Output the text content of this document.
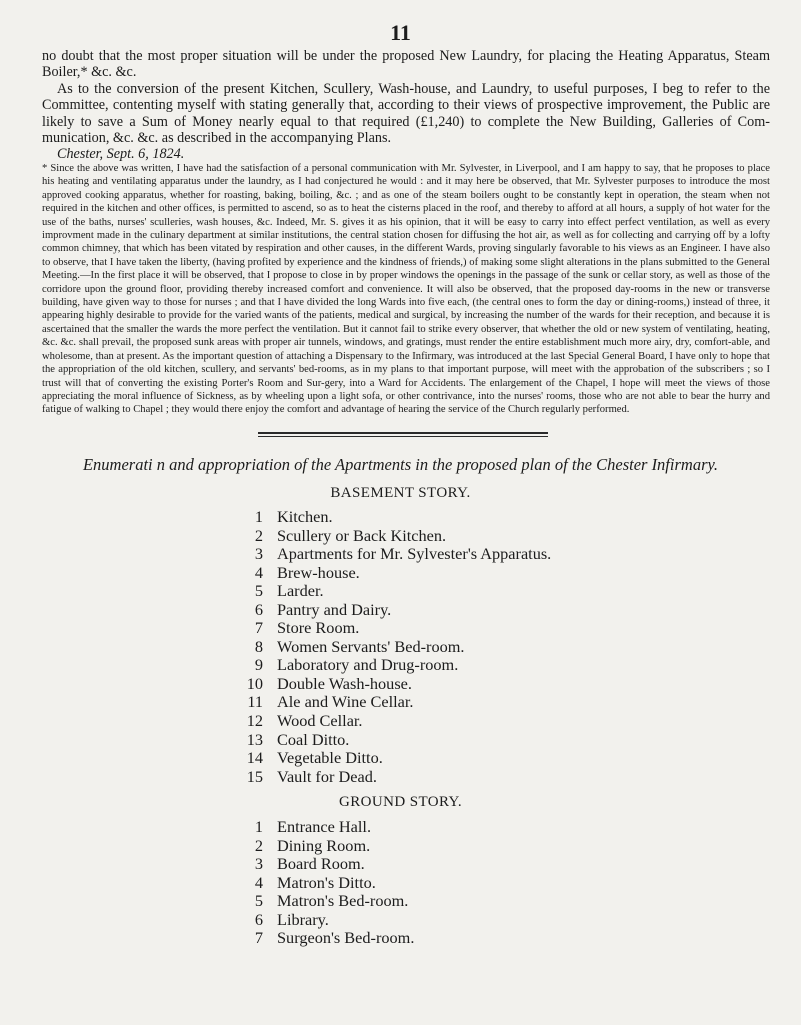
11

no doubt that the most proper situation will be under the proposed New Laundry, for placing the Heating Apparatus, Steam Boiler,* &c. &c.

As to the conversion of the present Kitchen, Scullery, Wash-house, and Laundry, to useful purposes, I beg to refer to the Committee, contenting myself with stating generally that, according to their views of prospective improvement, the Public are likely to save a Sum of Money nearly equal to that required (£1,240) to complete the New Building, Galleries of Com-munication, &c. &c. as described in the accompanying Plans.

Chester, Sept. 6, 1824.

* Since the above was written, I have had the satisfaction of a personal communication with Mr. Sylvester, in Liverpool, and I am happy to say, that he proposes to place his heating and ventilating apparatus under the laundry, as I had conjectured he would : and it may here be observed, that Mr. Sylvester purposes to introduce the most approved cooking apparatus, whether for roasting, baking, boiling, &c. ; and as one of the steam boilers ought to be constantly kept in operation, the steam when not required in the kitchen and other offices, is permitted to ascend, so as to heat the cisterns placed in the roof, and thereby to afford at all hours, a supply of hot water for the use of the baths, nurses' sculleries, wash houses, &c. Indeed, Mr. S. gives it as his opinion, that it will be easy to carry into effect perfect ventilation, as well as every improvment made in the culinary department at similar institutions, the central station chosen for diffusing the hot air, as well as for collecting and carrying off by a lofty common chimney, that which has been vitated by respiration and other causes, in the different Wards, proving singularly favorable to his views as an Engineer. I have also to observe, that I have taken the liberty, (having profited by experience and the kindness of friends,) of making some slight alterations in the plans submitted to the General Meeting.—In the first place it will be observed, that I propose to close in by proper windows the openings in the passage of the sunk or cellar story, as well as those of the corridore upon the ground floor, providing thereby increased comfort and convenience. It will also be observed, that the proposed day-rooms in the new or transverse building, have given way to those for nurses ; and that I have divided the long Wards into five each, (the central ones to form the day or dining-rooms,) instead of three, it appearing highly desirable to provide for the varied wants of the patients, medical and surgical, by increasing the number of the wards for their reception, and because it is ascertained that the smaller the wards the more perfect the ventilation. But it cannot fail to strike every observer, that whether the old or new system of ventilating, heating, &c. &c. shall prevail, the proposed sunk areas with proper air tunnels, windows, and gratings, must render the entire establishment much more airy, dry, comfort-able, and wholesome, than at present. As the important question of attaching a Dispensary to the Infirmary, was introduced at the last Special General Board, I have only to hope that the appropriation of the old kitchen, scullery, and servants' bed-rooms, as in my plans to that important purpose, will meet with the approbation of the subscribers ; so I trust will that of converting the existing Porter's Room and Sur-gery, into a Ward for Accidents. The enlargement of the Chapel, I hope will meet the views of those appreciating the moral influence of Sickness, as by wheeling upon a light sofa, or other contrivance, into the nurses' rooms, those who are not able to bear the hurry and fatigue of walking to Chapel ; they would there enjoy the comfort and advantage of hearing the service of the Church regularly performed.
Enumerati n and appropriation of the Apartments in the proposed plan of the Chester Infirmary.
BASEMENT STORY.
1 Kitchen.
2 Scullery or Back Kitchen.
3 Apartments for Mr. Sylvester's Apparatus.
4 Brew-house.
5 Larder.
6 Pantry and Dairy.
7 Store Room.
8 Women Servants' Bed-room.
9 Laboratory and Drug-room.
10 Double Wash-house.
11 Ale and Wine Cellar.
12 Wood Cellar.
13 Coal Ditto.
14 Vegetable Ditto.
15 Vault for Dead.
GROUND STORY.
1 Entrance Hall.
2 Dining Room.
3 Board Room.
4 Matron's Ditto.
5 Matron's Bed-room.
6 Library.
7 Surgeon's Bed-room.
